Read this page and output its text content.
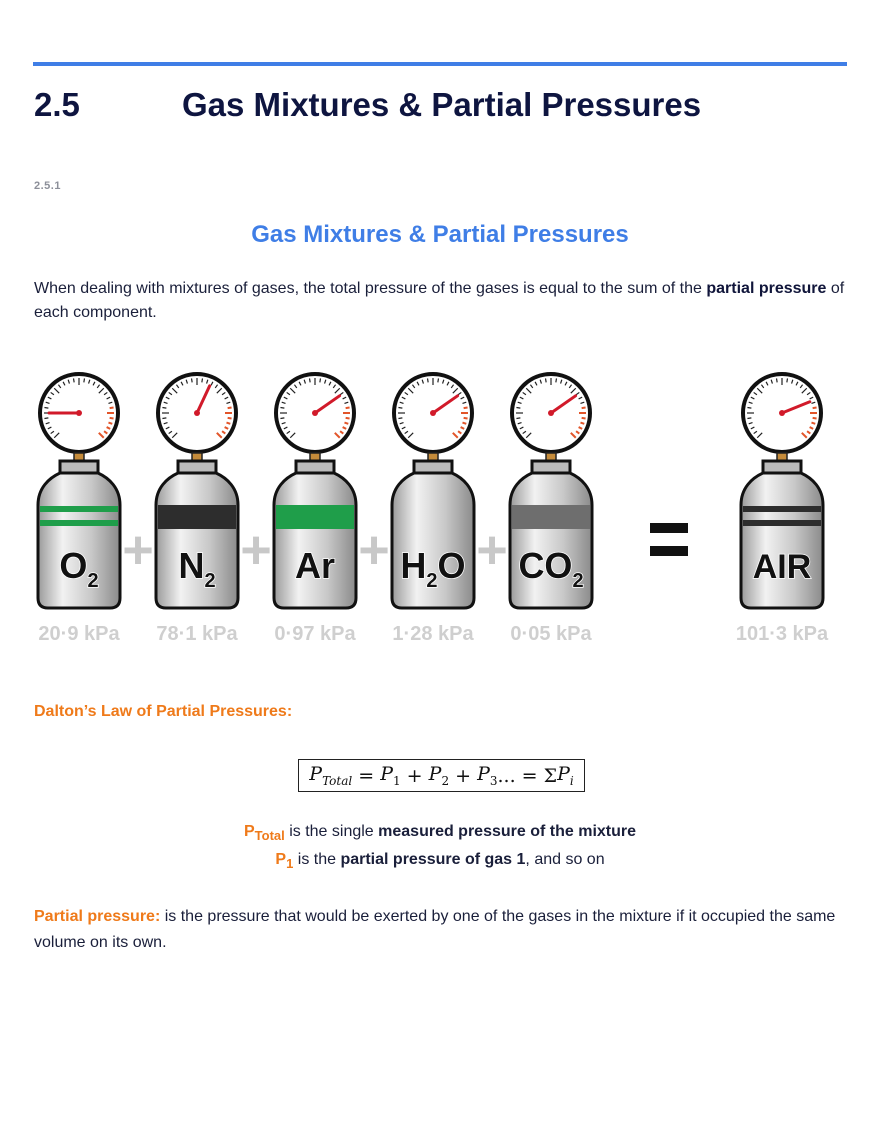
2.5	Gas Mixtures & Partial Pressures
2.5.1
Gas Mixtures & Partial Pressures
When dealing with mixtures of gases, the total pressure of the gases is equal to the sum of the partial pressure of each component.
$O_2$
20·9 kPa
$N_2$
78·1 kPa
Ar
0·97 kPa
$H_2O$
1·28 kPa
$CO_2$
0·05 kPa
+ + + +	AIR
101·3 kPa
Dalton’s Law of Partial Pressures:
$P_{Total} = P_1 + P_2 + P_3$ ... = Σ $P_i$
$P_{Total}$ is the single measured pressure of the mixture
$P_1$ is the partial pressure of gas 1, and so on
Partial pressure: is the pressure that would be exerted by one of the gases in the mixture if it occupied the same volume on its own.
